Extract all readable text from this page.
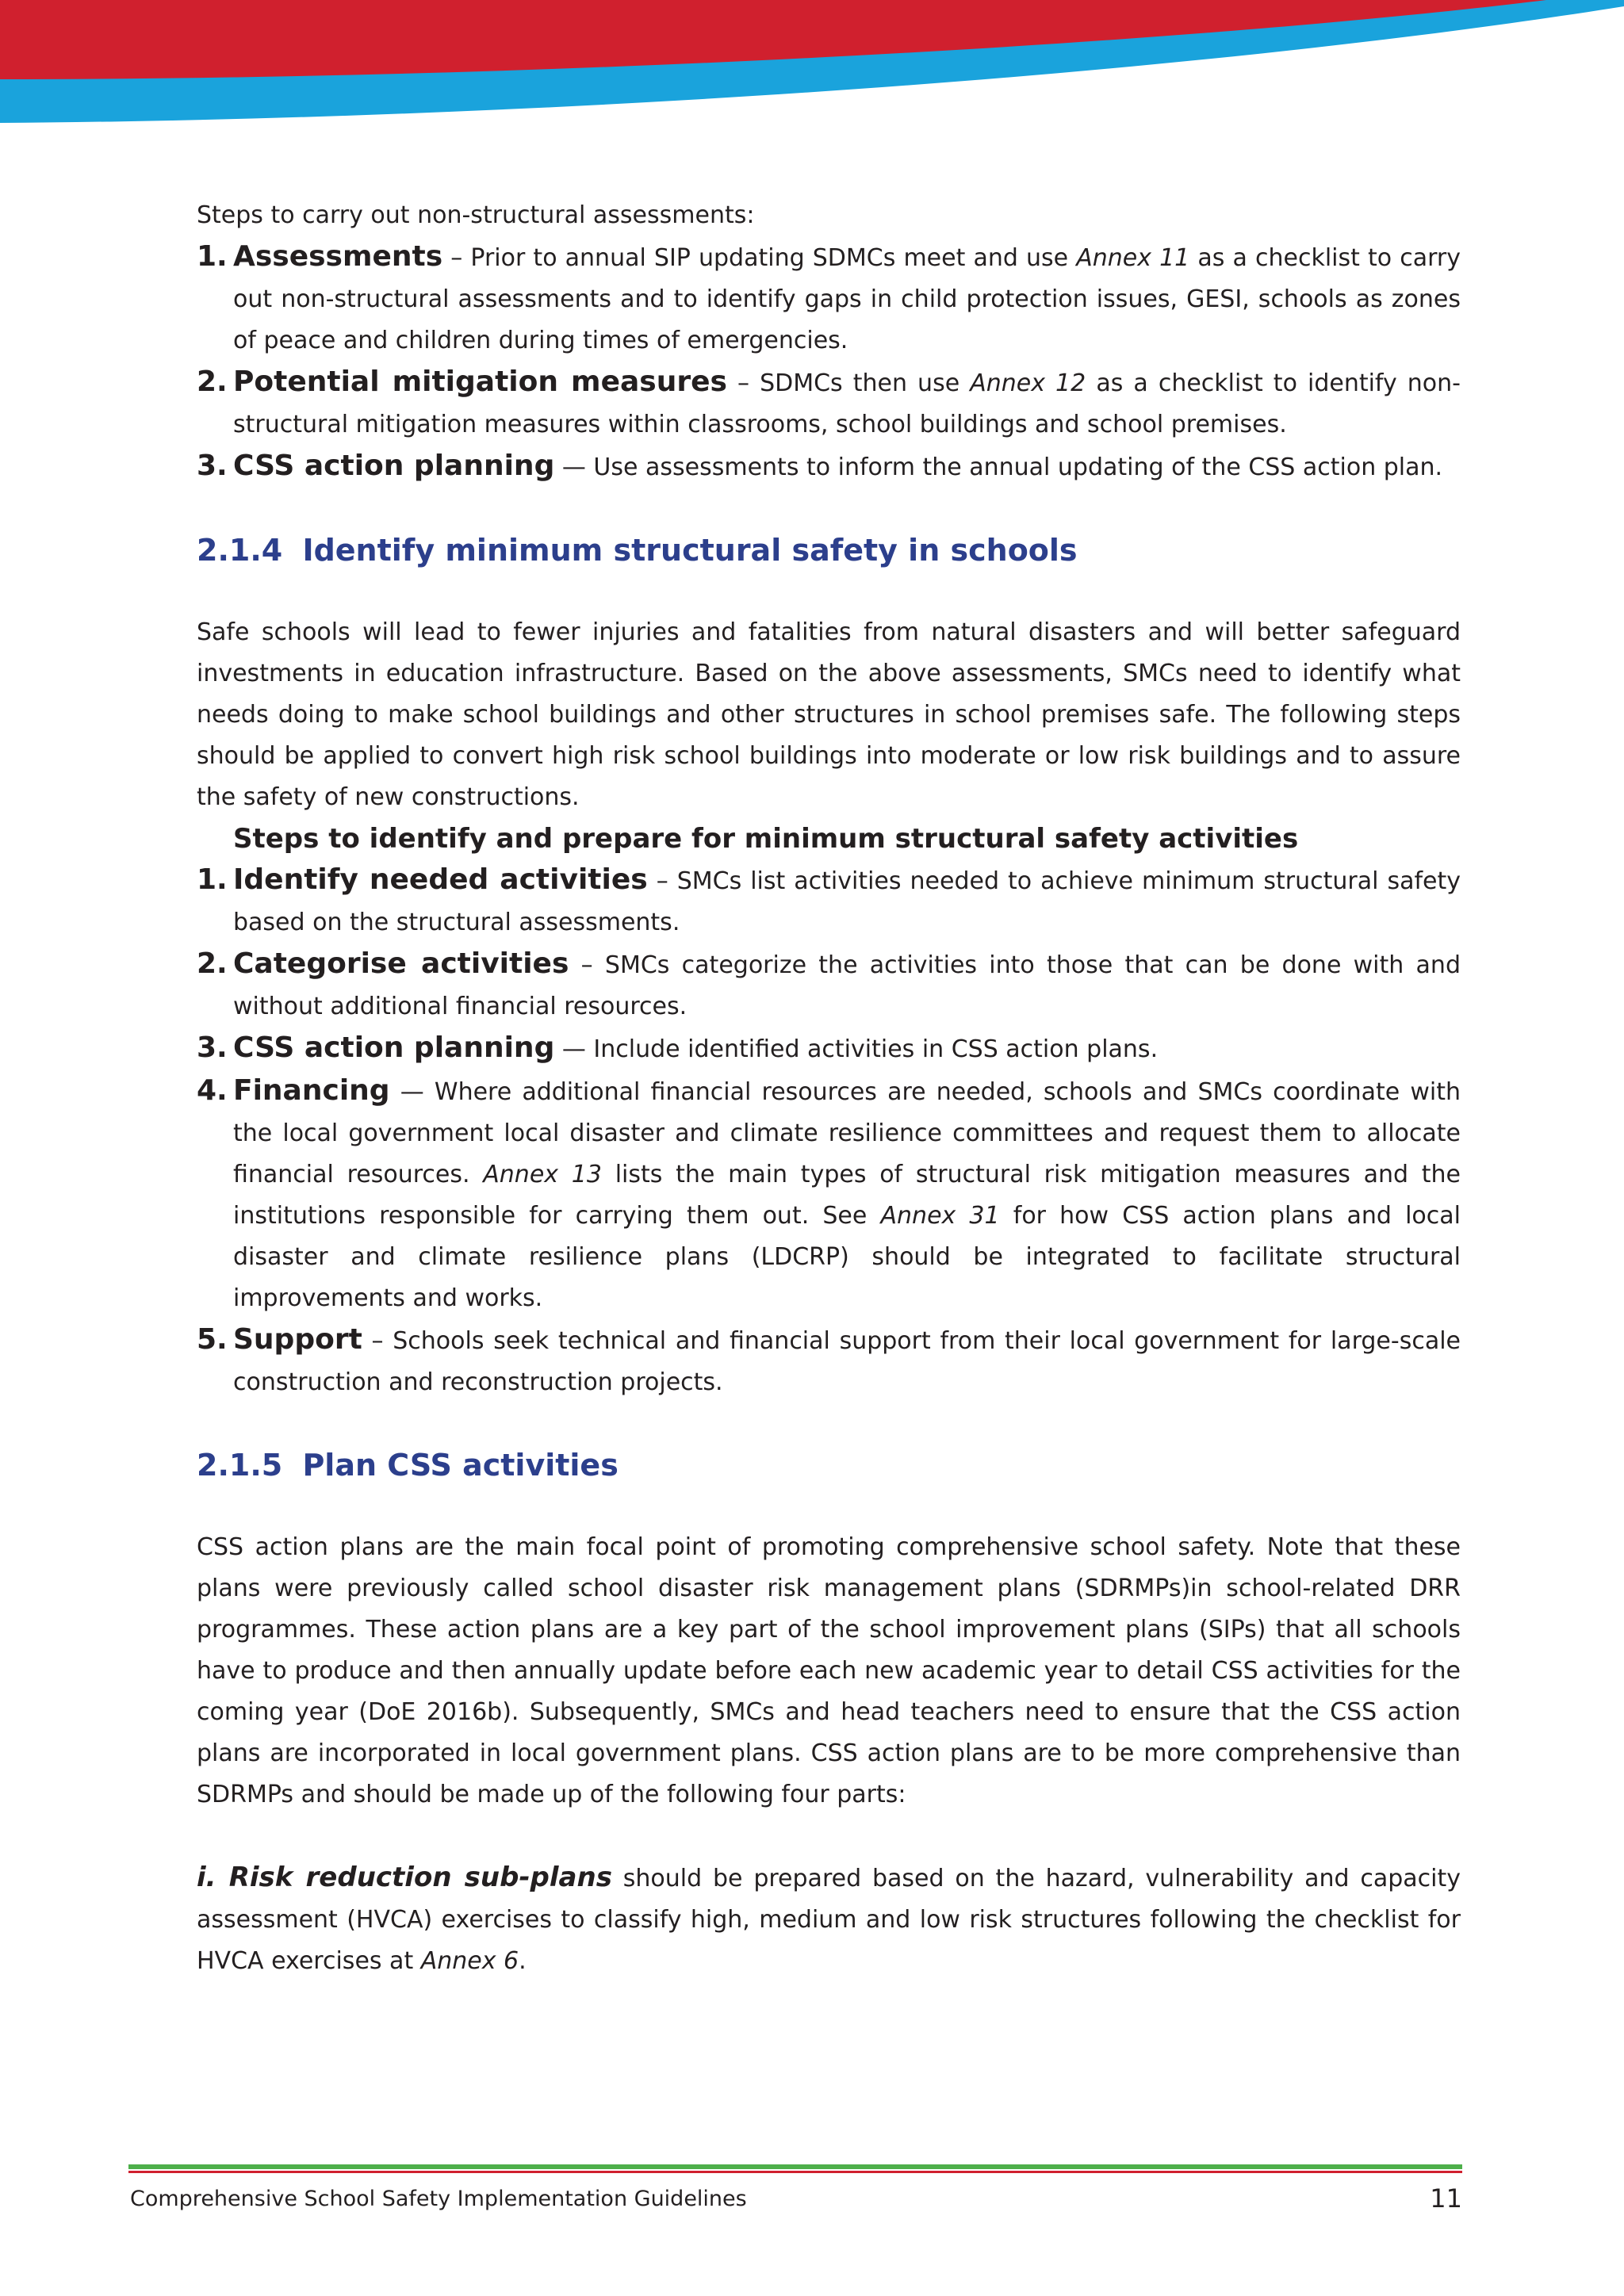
Steps to carry out non-structural assessments:

1. Assessments – Prior to annual SIP updating SDMCs meet and use Annex 11 as a checklist to carry out non-structural assessments and to identify gaps in child protection issues, GESI, schools as zones of peace and children during times of emergencies.
2. Potential mitigation measures – SDMCs then use Annex 12 as a checklist to identify non-structural mitigation measures within classrooms, school buildings and school premises.
3. CSS action planning — Use assessments to inform the annual updating of the CSS action plan.
2.1.4 Identify minimum structural safety in schools

Safe schools will lead to fewer injuries and fatalities from natural disasters and will better safeguard investments in education infrastructure. Based on the above assessments, SMCs need to identify what needs doing to make school buildings and other structures in school premises safe. The following steps should be applied to convert high risk school buildings into moderate or low risk buildings and to assure the safety of new constructions.

Steps to identify and prepare for minimum structural safety activities

1. Identify needed activities – SMCs list activities needed to achieve minimum structural safety based on the structural assessments.
2. Categorise activities – SMCs categorize the activities into those that can be done with and without additional financial resources.
3. CSS action planning — Include identified activities in CSS action plans.
4. Financing — Where additional financial resources are needed, schools and SMCs coordinate with the local government local disaster and climate resilience committees and request them to allocate financial resources. Annex 13 lists the main types of structural risk mitigation measures and the institutions responsible for carrying them out. See Annex 31 for how CSS action plans and local disaster and climate resilience plans (LDCRP) should be integrated to facilitate structural improvements and works.
5. Support – Schools seek technical and financial support from their local government for large-scale construction and reconstruction projects.
2.1.5 Plan CSS activities

CSS action plans are the main focal point of promoting comprehensive school safety. Note that these plans were previously called school disaster risk management plans (SDRMPs)in school-related DRR programmes. These action plans are a key part of the school improvement plans (SIPs) that all schools have to produce and then annually update before each new academic year to detail CSS activities for the coming year (DoE 2016b). Subsequently, SMCs and head teachers need to ensure that the CSS action plans are incorporated in local government plans. CSS action plans are to be more comprehensive than SDRMPs and should be made up of the following four parts:

i. Risk reduction sub-plans should be prepared based on the hazard, vulnerability and capacity assessment (HVCA) exercises to classify high, medium and low risk structures following the checklist for HVCA exercises at Annex 6.

Comprehensive School Safety Implementation Guidelines	11
